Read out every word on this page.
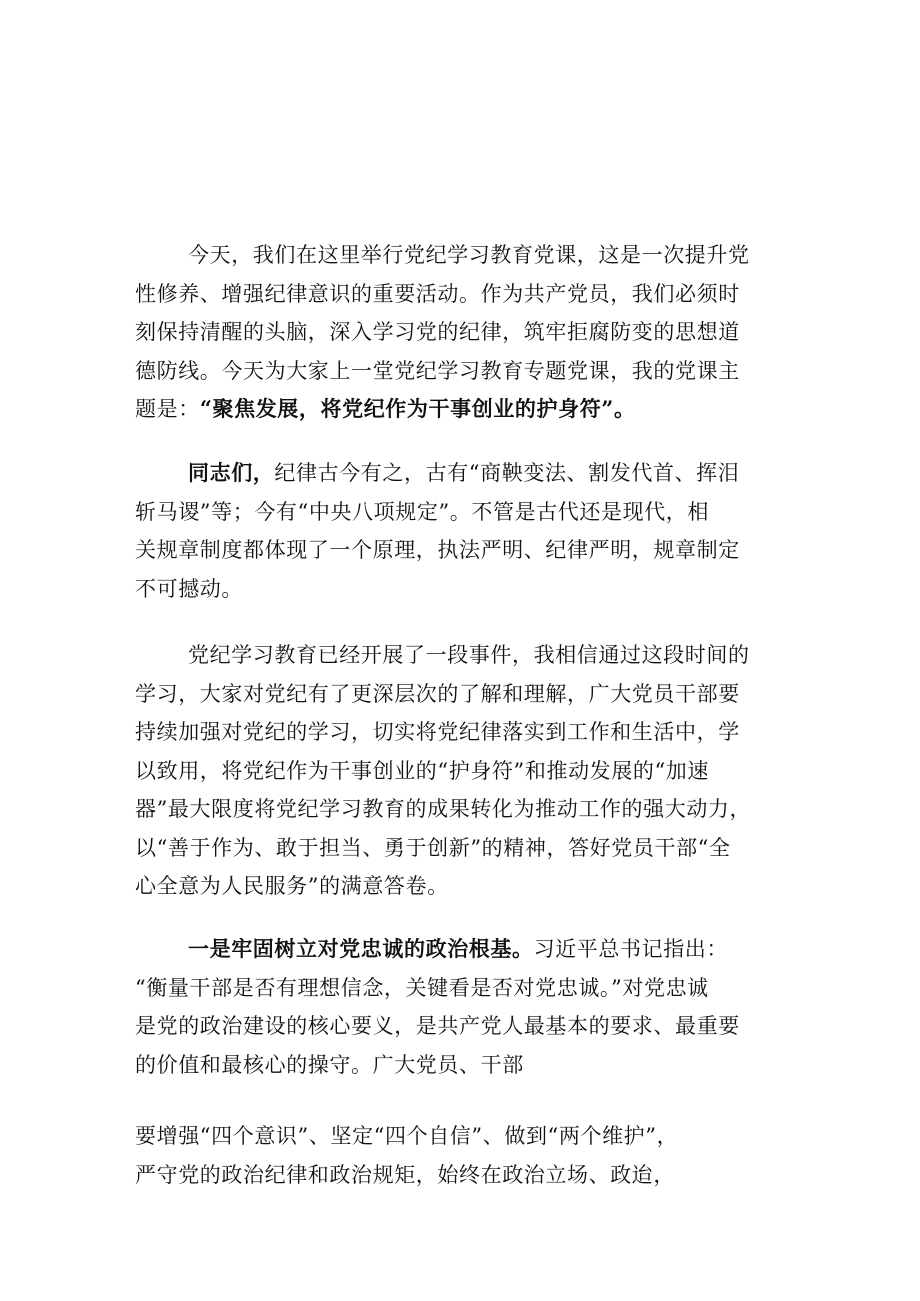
今天，我们在这里举行党纪学习教育党课，这是一次提升党
性修养、增强纪律意识的重要活动。作为共产党员，我们必须时
刻保持清醒的头脑，深入学习党的纪律，筑牢拒腐防变的思想道
德防线。今天为大家上一堂党纪学习教育专题党课，我的党课主
题是：“聚焦发展，将党纪作为干事创业的护身符”。
同志们，纪律古今有之，古有“商鞅变法、割发代首、挥泪
斩马谡”等；今有“中央八项规定”。不管是古代还是现代，相
关规章制度都体现了一个原理，执法严明、纪律严明，规章制定
不可撼动。
党纪学习教育已经开展了一段事件，我相信通过这段时间的
学习，大家对党纪有了更深层次的了解和理解，广大党员干部要
持续加强对党纪的学习，切实将党纪律落实到工作和生活中，学
以致用，将党纪作为干事创业的“护身符”和推动发展的“加速
器”最大限度将党纪学习教育的成果转化为推动工作的强大动力，
以“善于作为、敢于担当、勇于创新”的精神，答好党员干部“全
心全意为人民服务”的满意答卷。
一是牢固树立对党忠诚的政治根基。习近平总书记指出：
“衡量干部是否有理想信念，关键看是否对党忠诚。”对党忠诚
是党的政治建设的核心要义，是共产党人最基本的要求、最重要
的价值和最核心的操守。广大党员、干部
要增强“四个意识”、坚定“四个自信”、做到“两个维护”，
严守党的政治纪律和政治规矩，始终在政治立场、政迨，
